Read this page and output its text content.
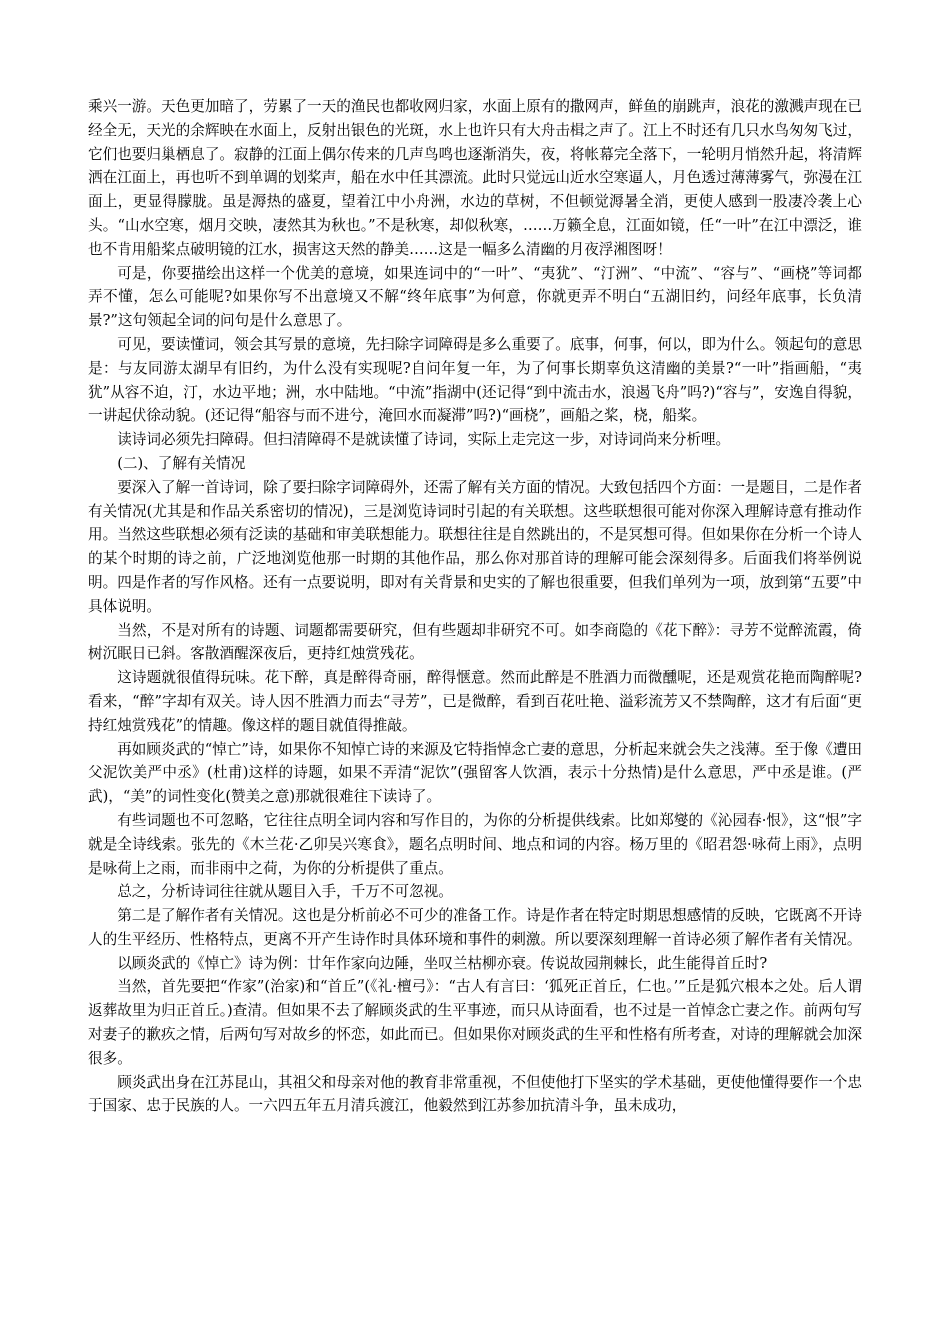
乘兴一游。天色更加暗了，劳累了一天的渔民也都收网归家，水面上原有的撒网声，鲜鱼的崩跳声，浪花的激溅声现在已经全无，天光的余辉映在水面上，反射出银色的光斑，水上也许只有大舟击楫之声了。江上不时还有几只水鸟匆匆飞过，它们也要归巢栖息了。寂静的江面上偶尔传来的几声鸟鸣也逐渐消失，夜，将帐幕完全落下，一轮明月悄然升起，将清辉洒在江面上，再也听不到单调的划桨声，船在水中任其漂流。此时只觉远山近水空寒逼人，月色透过薄薄雾气，弥漫在江面上，更显得朦胧。虽是溽热的盛夏，望着江中小舟洲，水边的草树，不但顿觉溽暑全消，更使人感到一股凄冷袭上心头。“山水空寒，烟月交映，凄然其为秋也。”不是秋寒，却似秋寒，……万籁全息，江面如镜，任“一叶”在江中漂泛，谁也不肯用船桨点破明镜的江水，损害这天然的静美……这是一幅多么清幽的月夜浮湘图呀！

可是，你要描绘出这样一个优美的意境，如果连词中的“一叶”、“夷犹”、“汀洲”、“中流”、“容与”、“画桡”等词都弄不懂，怎么可能呢?如果你写不出意境又不解“终年底事”为何意，你就更弄不明白“五湖旧约，问经年底事，长负清景?”这句领起全词的问句是什么意思了。

可见，要读懂词，领会其写景的意境，先扫除字词障碍是多么重要了。底事，何事，何以，即为什么。领起句的意思是：与友同游太湖早有旧约，为什么没有实现呢?自问年复一年，为了何事长期辜负这清幽的美景?“一叶”指画船，“夷犹”从容不迫，汀，水边平地；洲，水中陆地。“中流”指湖中(还记得“到中流击水，浪遏飞舟”吗?)“容与”，安逸自得貌，一讲起伏徐动貌。(还记得“船容与而不进兮，淹回水而凝滞”吗?)“画桡”，画船之桨，桡，船桨。

读诗词必须先扫障碍。但扫清障碍不是就读懂了诗词，实际上走完这一步，对诗词尚来分析哩。

(二)、了解有关情况

要深入了解一首诗词，除了要扫除字词障碍外，还需了解有关方面的情况。大致包括四个方面：一是题目，二是作者有关情况(尤其是和作品关系密切的情况)，三是浏览诗词时引起的有关联想。这些联想很可能对你深入理解诗意有推动作用。当然这些联想必须有泛读的基础和审美联想能力。联想往往是自然跳出的，不是冥想可得。但如果你在分析一个诗人的某个时期的诗之前，广泛地浏览他那一时期的其他作品，那么你对那首诗的理解可能会深刻得多。后面我们将举例说明。四是作者的写作风格。还有一点要说明，即对有关背景和史实的了解也很重要，但我们单列为一项，放到第“五要”中具体说明。

当然，不是对所有的诗题、词题都需要研究，但有些题却非研究不可。如李商隐的《花下醉》：寻芳不觉醉流霞，倚树沉眠日已斜。客散酒醒深夜后，更持红烛赏残花。

这诗题就很值得玩味。花下醉，真是醉得奇丽，醉得惬意。然而此醉是不胜酒力而微醺呢，还是观赏花艳而陶醉呢?看来，“醉”字却有双关。诗人因不胜酒力而去“寻芳”，已是微醉，看到百花吐艳、溢彩流芳又不禁陶醉，这才有后面“更持红烛赏残花”的情趣。像这样的题目就值得推敲。

再如顾炎武的“悼亡”诗，如果你不知悼亡诗的来源及它特指悼念亡妻的意思，分析起来就会失之浅薄。至于像《遭田父泥饮美严中丞》(杜甫)这样的诗题，如果不弄清“泥饮”(强留客人饮酒，表示十分热情)是什么意思，严中丞是谁。(严武)，“美”的词性变化(赞美之意)那就很难往下读诗了。

有些词题也不可忽略，它往往点明全词内容和写作目的，为你的分析提供线索。比如郑燮的《沁园春·恨》，这“恨”字就是全诗线索。张先的《木兰花·乙卯吴兴寒食》，题名点明时间、地点和词的内容。杨万里的《昭君怨·咏荷上雨》，点明是咏荷上之雨，而非雨中之荷，为你的分析提供了重点。

总之，分析诗词往往就从题目入手，千万不可忽视。

第二是了解作者有关情况。这也是分析前必不可少的准备工作。诗是作者在特定时期思想感情的反映，它既离不开诗人的生平经历、性格特点，更离不开产生诗作时具体环境和事件的刺激。所以要深刻理解一首诗必须了解作者有关情况。

以顾炎武的《悼亡》诗为例：廿年作家向边陲，坐叹兰枯柳亦衰。传说故园荆棘长，此生能得首丘时?

当然，首先要把“作家”(治家)和“首丘”(《礼·檀弓》：“古人有言曰：‘狐死正首丘，仁也。’”丘是狐穴根本之处。后人谓返葬故里为归正首丘。)查清。但如果不去了解顾炎武的生平事迹，而只从诗面看，也不过是一首悼念亡妻之作。前两句写对妻子的歉疚之情，后两句写对故乡的怀恋，如此而已。但如果你对顾炎武的生平和性格有所考查，对诗的理解就会加深很多。

顾炎武出身在江苏昆山，其祖父和母亲对他的教育非常重视，不但使他打下坚实的学术基础，更使他懂得要作一个忠于国家、忠于民族的人。一六四五年五月清兵渡江，他毅然到江苏参加抗清斗争，虽未成功，
